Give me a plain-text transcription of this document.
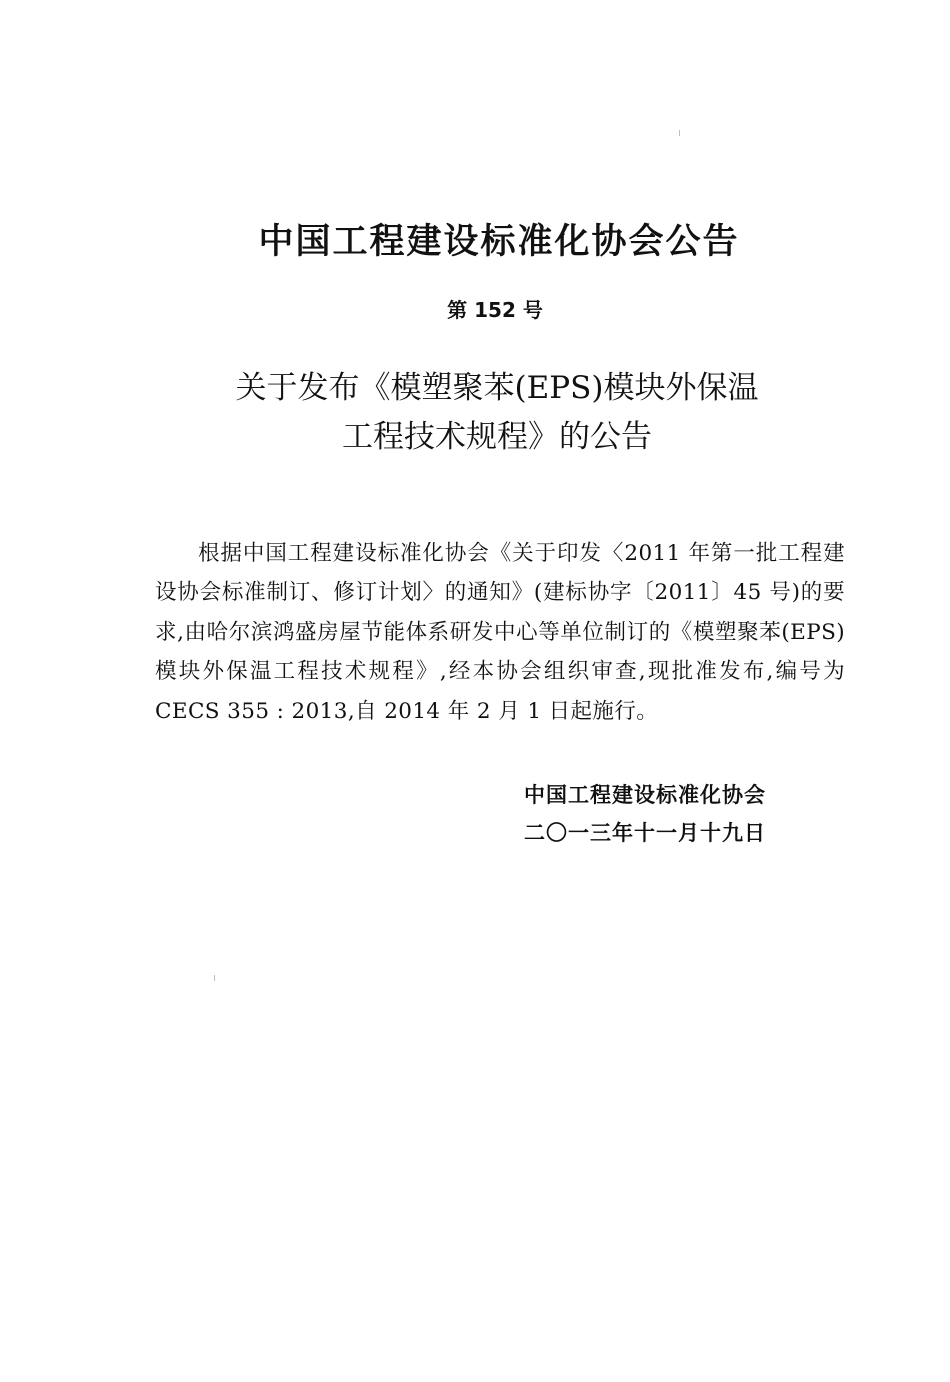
中国工程建设标准化协会公告
第 152 号
关于发布《模塑聚苯(EPS)模块外保温
工程技术规程》的公告

根据中国工程建设标准化协会《关于印发〈2011 年第一批工程建设协会标准制订、修订计划〉的通知》(建标协字〔2011〕45 号)的要求,由哈尔滨鸿盛房屋节能体系研发中心等单位制订的《模塑聚苯(EPS)模块外保温工程技术规程》,经本协会组织审查,现批准发布,编号为 CECS 355 : 2013,自 2014 年 2 月 1 日起施行。

中国工程建设标准化协会
二〇一三年十一月十九日
